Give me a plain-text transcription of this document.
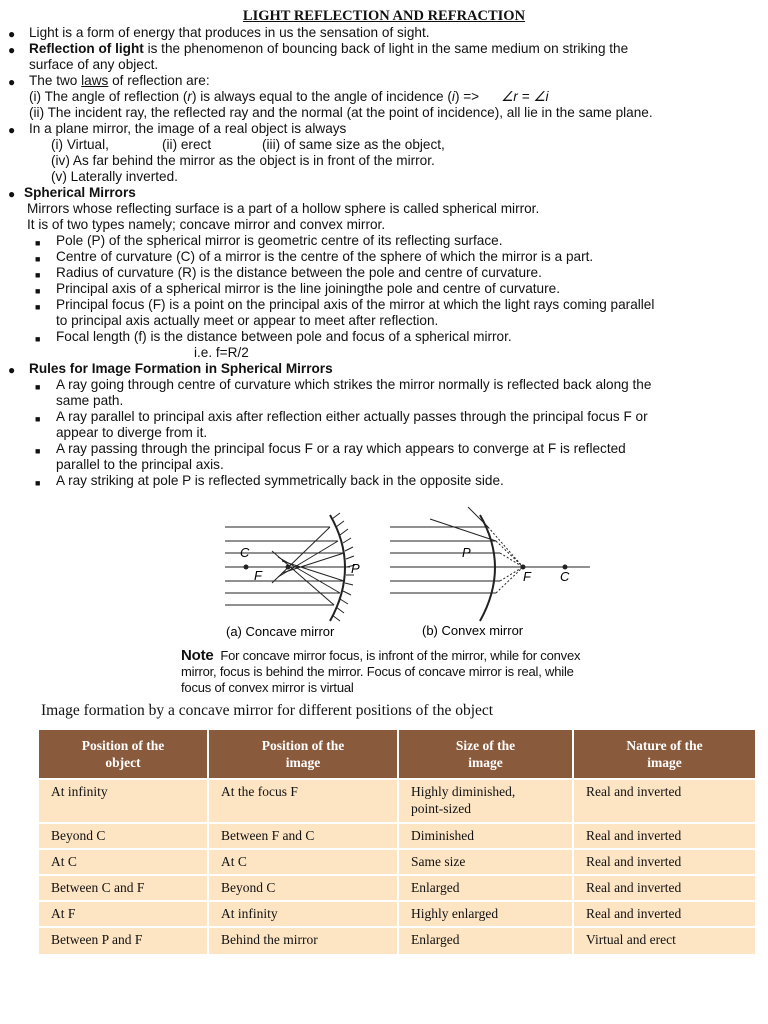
LIGHT REFLECTION AND REFRACTION
● Light is a form of energy that produces in us the sensation of sight.
● Reflection of light is the phenomenon of bouncing back of light in the same medium on striking the
surface of any object.
● The two laws of reflection are:
(i) The angle of reflection (r) is always equal to the angle of incidence (i) => ∠r = ∠i
(ii) The incident ray, the reflected ray and the normal (at the point of incidence), all lie in the same plane.
● In a plane mirror, the image of a real object is always
(i) Virtual,	(ii) erect	(iii) of same size as the object,
(iv) As far behind the mirror as the object is in front of the mirror.
(v) Laterally inverted.
● Spherical Mirrors
Mirrors whose reflecting surface is a part of a hollow sphere is called spherical mirror.
It is of two types namely; concave mirror and convex mirror.
■ Pole (P) of the spherical mirror is geometric centre of its reflecting surface.
■ Centre of curvature (C) of a mirror is the centre of the sphere of which the mirror is a part.
■ Radius of curvature (R) is the distance between the pole and centre of curvature.
■ Principal axis of a spherical mirror is the line joiningthe pole and centre of curvature.
■ Principal focus (F) is a point on the principal axis of the mirror at which the light rays coming parallel
to principal axis actually meet or appear to meet after reflection.
■ Focal length (f) is the distance between pole and focus of a spherical mirror.
i.e. f=R/2
● Rules for Image Formation in Spherical Mirrors
■ A ray going through centre of curvature which strikes the mirror normally is reflected back along the
same path.
■ A ray parallel to principal axis after reflection either actually passes through the principal focus F or
appear to diverge from it.
■ A ray passing through the principal focus F or a ray which appears to converge at F is reflected
parallel to the principal axis.
■ A ray striking at pole P is reflected symmetrically back in the opposite side.
C
F	P
(a) Concave mirror
P
F C
(b) Convex mirror
Note For concave mirror focus, is infront of the mirror, while for convex
mirror, focus is behind the mirror. Focus of concave mirror is real, while
focus of convex mirror is virtual
Image formation by a concave mirror for different positions of the object
Position of the
object	Position of the
image	Size of the
image	Nature of the
image
At infinity	At the focus F	Highly diminished,
point-sized	Real and inverted
Beyond C	Between F and C	Diminished	Real and inverted
At C	At C	Same size	Real and inverted
Between C and F	Beyond C	Enlarged	Real and inverted
At F	At infinity	Highly enlarged	Real and inverted
Between P and F	Behind the mirror	Enlarged	Virtual and erect
